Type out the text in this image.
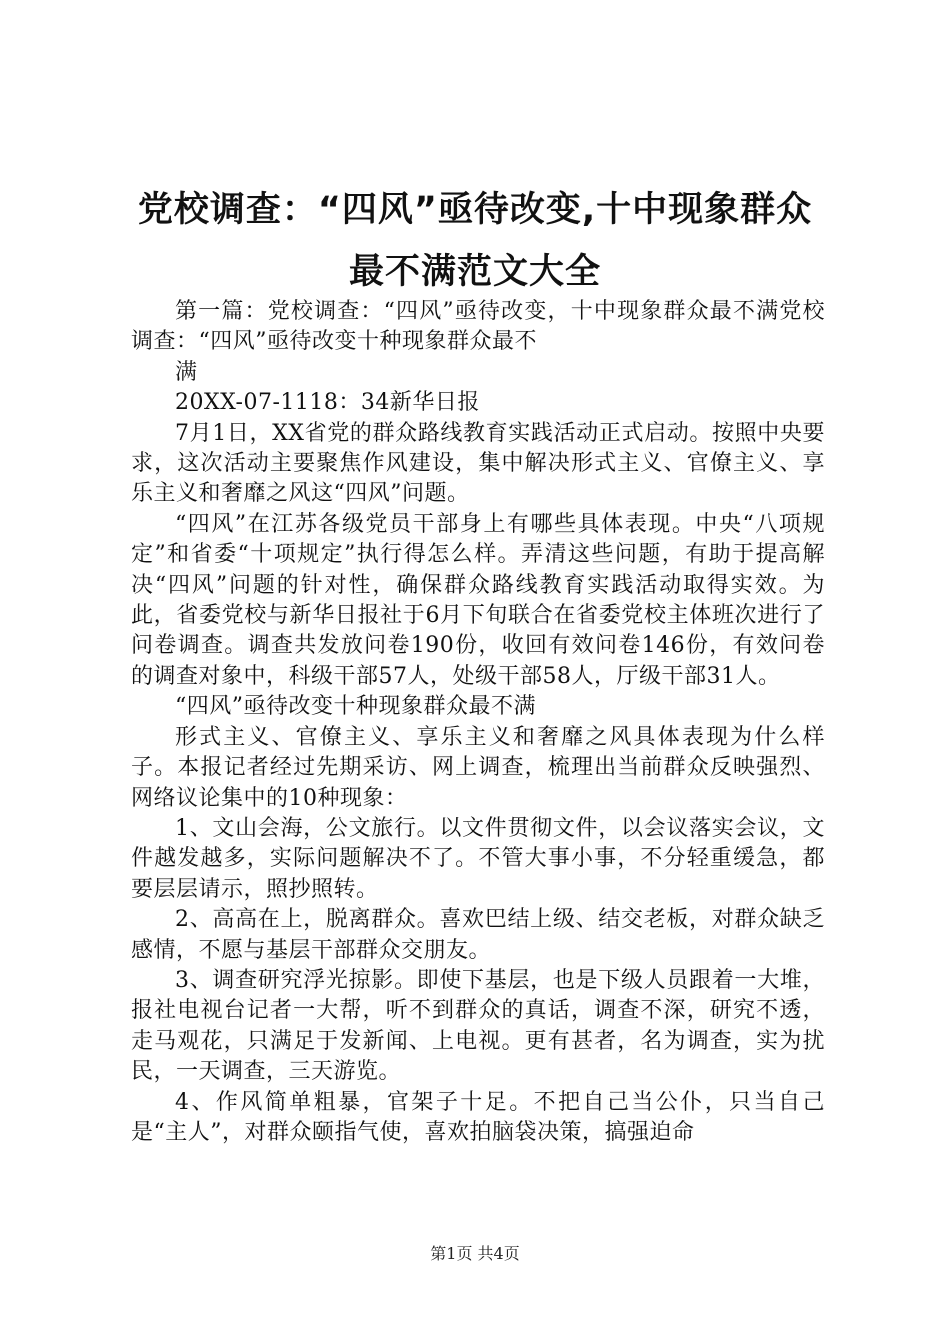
党校调查：“四风”亟待改变,十中现象群众
最不满范文大全

第一篇：党校调查：“四风”亟待改变，十中现象群众最不满党校调查：“四风”亟待改变十种现象群众最不

满

20XX-07-1118：34新华日报

7月1日，XX省党的群众路线教育实践活动正式启动。按照中央要求，这次活动主要聚焦作风建设，集中解决形式主义、官僚主义、享乐主义和奢靡之风这“四风”问题。

“四风”在江苏各级党员干部身上有哪些具体表现。中央“八项规定”和省委“十项规定”执行得怎么样。弄清这些问题，有助于提高解决“四风”问题的针对性，确保群众路线教育实践活动取得实效。为此，省委党校与新华日报社于6月下旬联合在省委党校主体班次进行了问卷调查。调查共发放问卷190份，收回有效问卷146份，有效问卷的调查对象中，科级干部57人，处级干部58人，厅级干部31人。

“四风”亟待改变十种现象群众最不满

形式主义、官僚主义、享乐主义和奢靡之风具体表现为什么样子。本报记者经过先期采访、网上调查，梳理出当前群众反映强烈、网络议论集中的10种现象：

1、文山会海，公文旅行。以文件贯彻文件，以会议落实会议，文件越发越多，实际问题解决不了。不管大事小事，不分轻重缓急，都要层层请示，照抄照转。

2、高高在上，脱离群众。喜欢巴结上级、结交老板，对群众缺乏感情，不愿与基层干部群众交朋友。

3、调查研究浮光掠影。即使下基层，也是下级人员跟着一大堆，报社电视台记者一大帮，听不到群众的真话，调查不深，研究不透，走马观花，只满足于发新闻、上电视。更有甚者，名为调查，实为扰民，一天调查，三天游览。

4、作风简单粗暴，官架子十足。不把自己当公仆，只当自己是“主人”，对群众颐指气使，喜欢拍脑袋决策，搞强迫命

第1页 共4页
